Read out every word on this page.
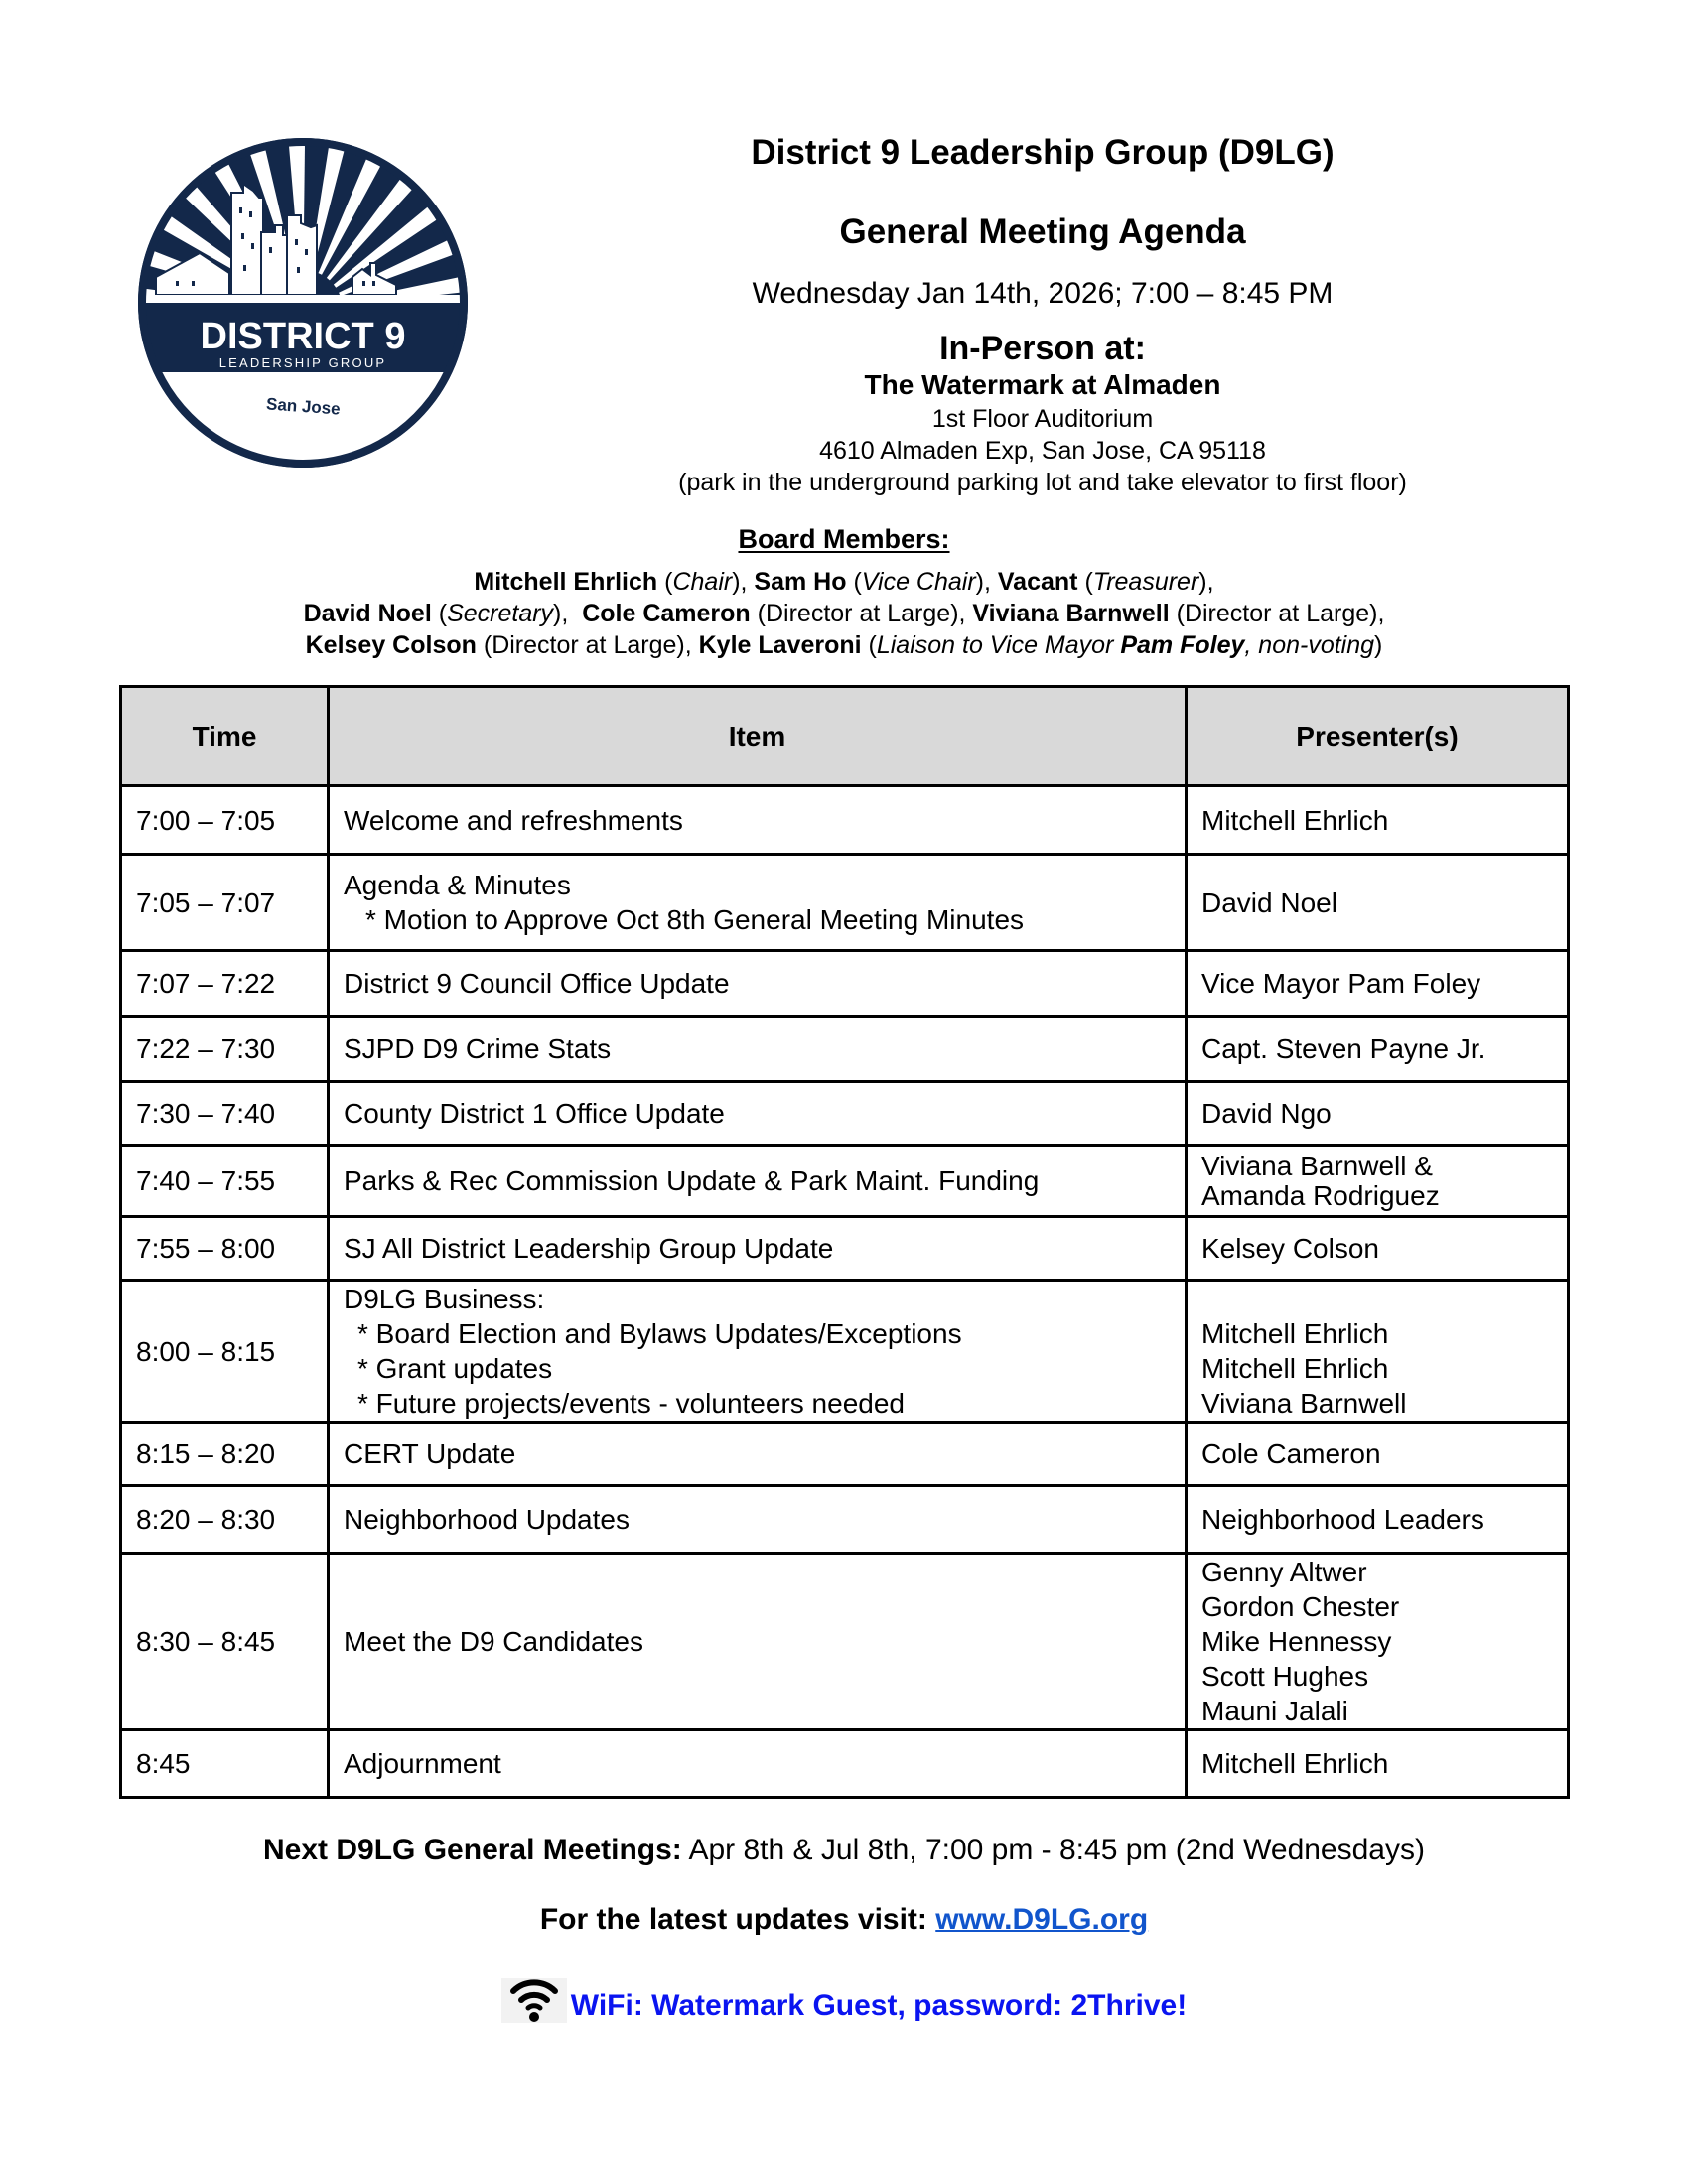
DISTRICT 9
LEADERSHIP GROUP
San Jose
District 9 Leadership Group (D9LG)
General Meeting Agenda
Wednesday Jan 14th, 2026; 7:00 – 8:45 PM
In-Person at:
The Watermark at Almaden
1st Floor Auditorium
4610 Almaden Exp, San Jose, CA 95118
(park in the underground parking lot and take elevator to first floor)
Board Members:
Mitchell Ehrlich (Chair), Sam Ho (Vice Chair), Vacant (Treasurer),
David Noel (Secretary),  Cole Cameron (Director at Large), Viviana Barnwell (Director at Large),
Kelsey Colson (Director at Large), Kyle Laveroni (Liaison to Vice Mayor Pam Foley, non-voting)
Time	Item	Presenter(s)
7:00 – 7:05	Welcome and refreshments	Mitchell Ehrlich

7:05 – 7:07	Agenda & Minutes
* Motion to Approve Oct 8th General Meeting Minutes	David Noel

7:07 – 7:22	District 9 Council Office Update	Vice Mayor Pam Foley

7:22 – 7:30	SJPD D9 Crime Stats	Capt. Steven Payne Jr.

7:30 – 7:40	County District 1 Office Update	David Ngo

7:40 – 7:55	Parks & Rec Commission Update & Park Maint. Funding	Viviana Barnwell &
Amanda Rodriguez

7:55 – 8:00	SJ All District Leadership Group Update	Kelsey Colson

8:00 – 8:15	D9LG Business:
* Board Election and Bylaws Updates/Exceptions
* Grant updates
* Future projects/events - volunteers needed	Mitchell Ehrlich
Mitchell Ehrlich
Viviana Barnwell

8:15 – 8:20	CERT Update	Cole Cameron

8:20 – 8:30	Neighborhood Updates	Neighborhood Leaders

8:30 – 8:45	Meet the D9 Candidates	Genny Altwer
Gordon Chester
Mike Hennessy
Scott Hughes
Mauni Jalali

8:45	Adjournment	Mitchell Ehrlich
Next D9LG General Meetings: Apr 8th & Jul 8th, 7:00 pm - 8:45 pm (2nd Wednesdays)
For the latest updates visit: www.D9LG.org
WiFi: Watermark Guest, password: 2Thrive!
